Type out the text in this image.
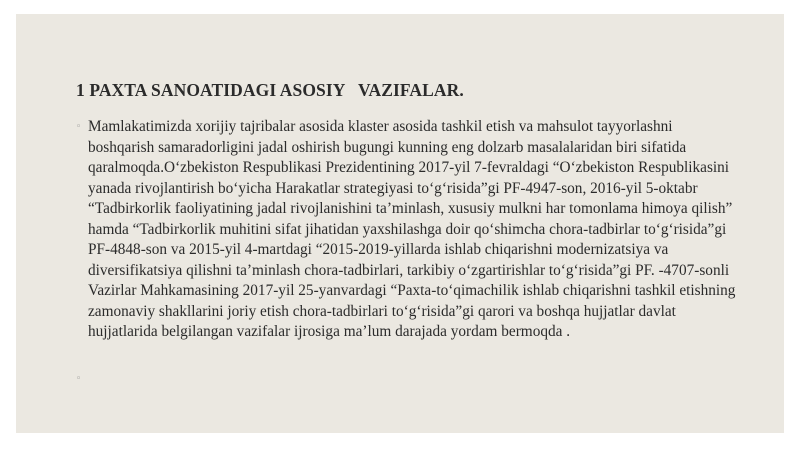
1 PAXTA SANOATIDAGI ASOSIY   VAZIFALAR.
◦ Mamlakatimizda xorijiy tajribalar asosida klaster asosida tashkil etish va mahsulot tayyorlashni boshqarish samaradorligini jadal oshirish bugungi kunning eng dolzarb masalalaridan biri sifatida qaralmoqda.O‘zbekiston Respublikasi Prezidentining 2017-yil 7-fevraldagi “O‘zbekiston Respublikasini yanada rivojlantirish bo‘yicha Harakatlar strategiyasi to‘g‘risida”gi PF-4947-son, 2016-yil 5-oktabr “Tadbirkorlik faoliyatining jadal rivojlanishini ta’minlash, xususiy mulkni har tomonlama himoya qilish” hamda “Tadbirkorlik muhitini sifat jihatidan yaxshilashga doir qo‘shimcha chora-tadbirlar to‘g‘risida”gi PF-4848-son va 2015-yil 4-martdagi “2015-2019-yillarda ishlab chiqarishni modernizatsiya va diversifikatsiya qilishni ta’minlash chora-tadbirlari, tarkibiy o‘zgartirishlar to‘g‘risida”gi PF. -4707-sonli Vazirlar Mahkamasining 2017-yil 25-yanvardagi “Paxta-to‘qimachilik ishlab chiqarishni tashkil etishning zamonaviy shakllarini joriy etish chora-tadbirlari to‘g‘risida”gi qarori va boshqa hujjatlar davlat hujjatlarida belgilangan vazifalar ijrosiga ma’lum darajada yordam bermoqda .

◦
